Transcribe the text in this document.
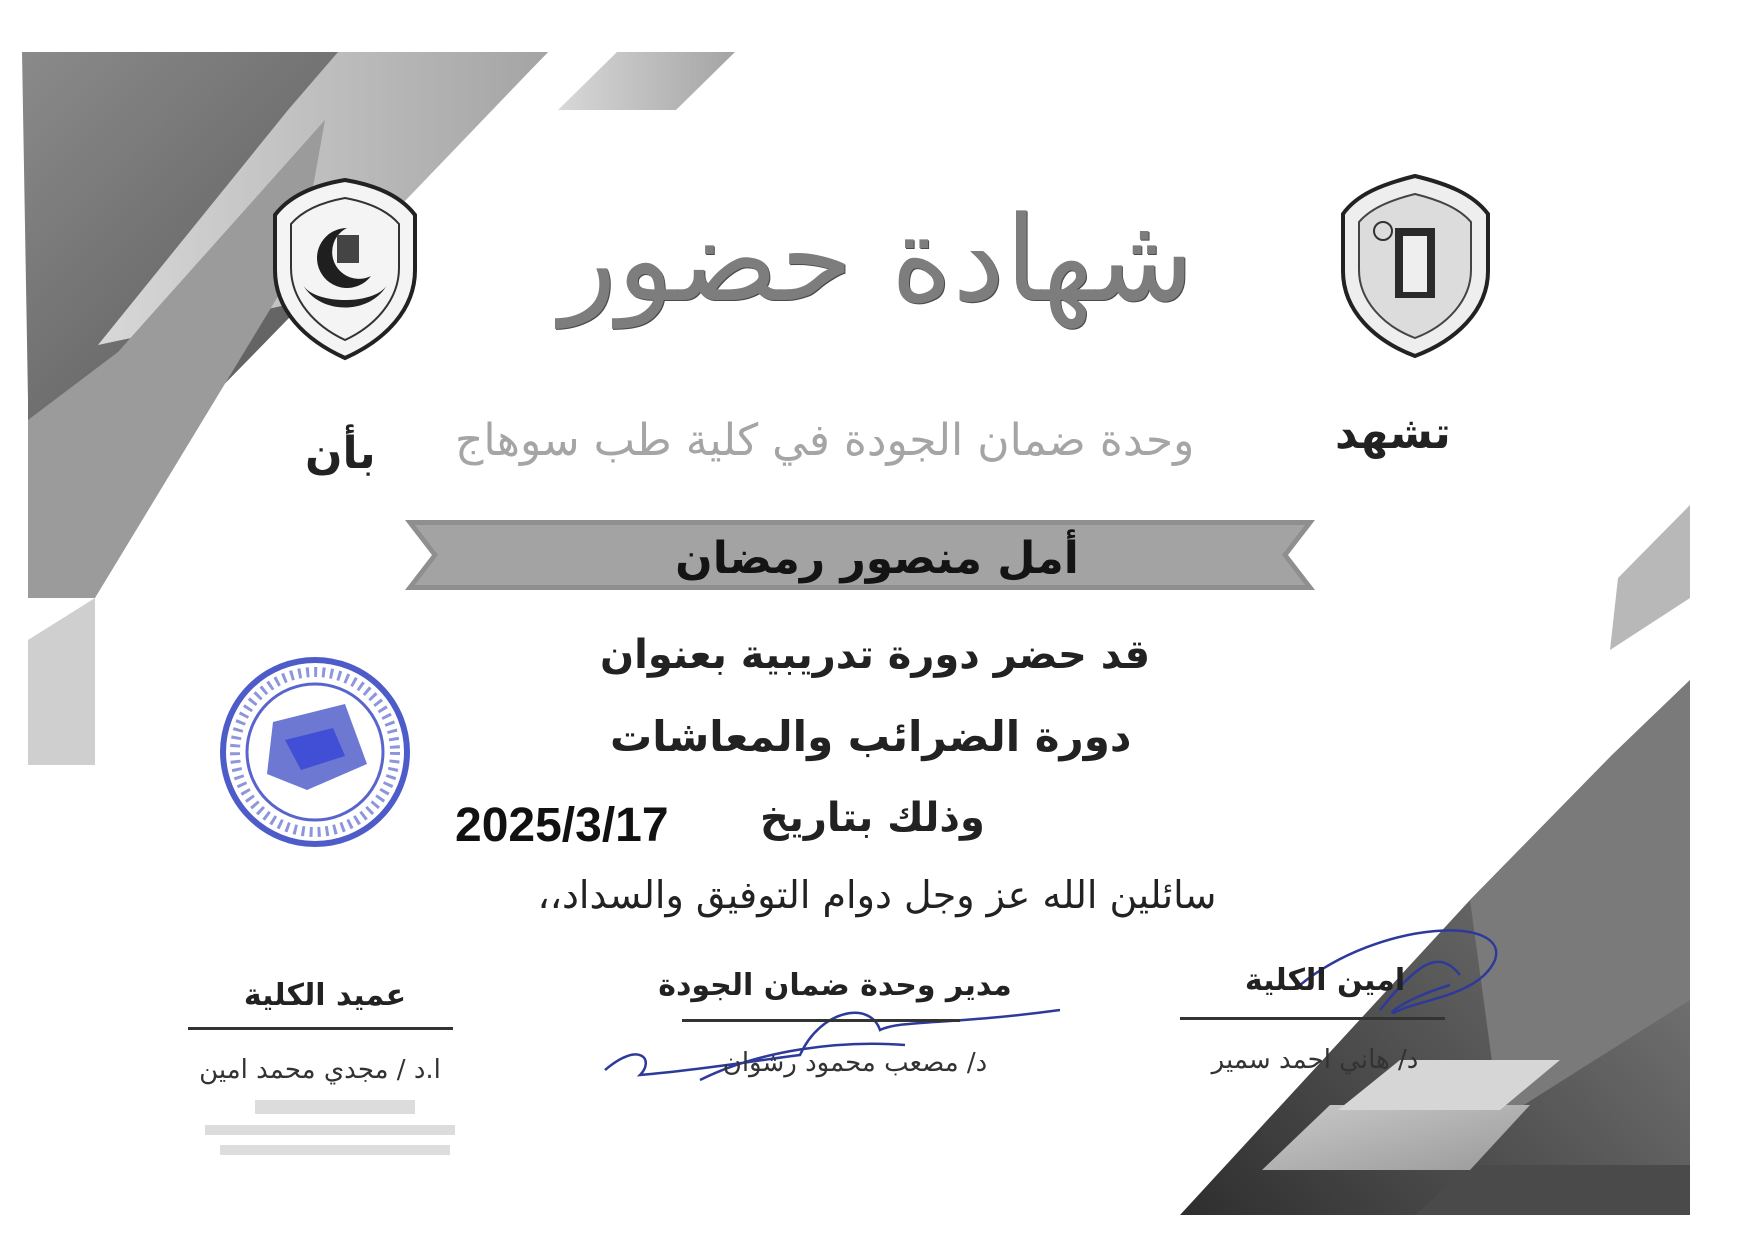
شهادة حضور
تشهد
وحدة ضمان الجودة في كلية طب سوهاج
بأن
أمل منصور رمضان
قد حضر دورة تدريبية بعنوان
دورة الضرائب والمعاشات
وذلك بتاريخ
2025/3/17
سائلين الله عز وجل دوام التوفيق والسداد،،
امين الكلية
د/ هاني احمد سمير
مدير وحدة ضمان الجودة
د/ مصعب محمود رشوان
عميد الكلية
ا.د / مجدي محمد امين
